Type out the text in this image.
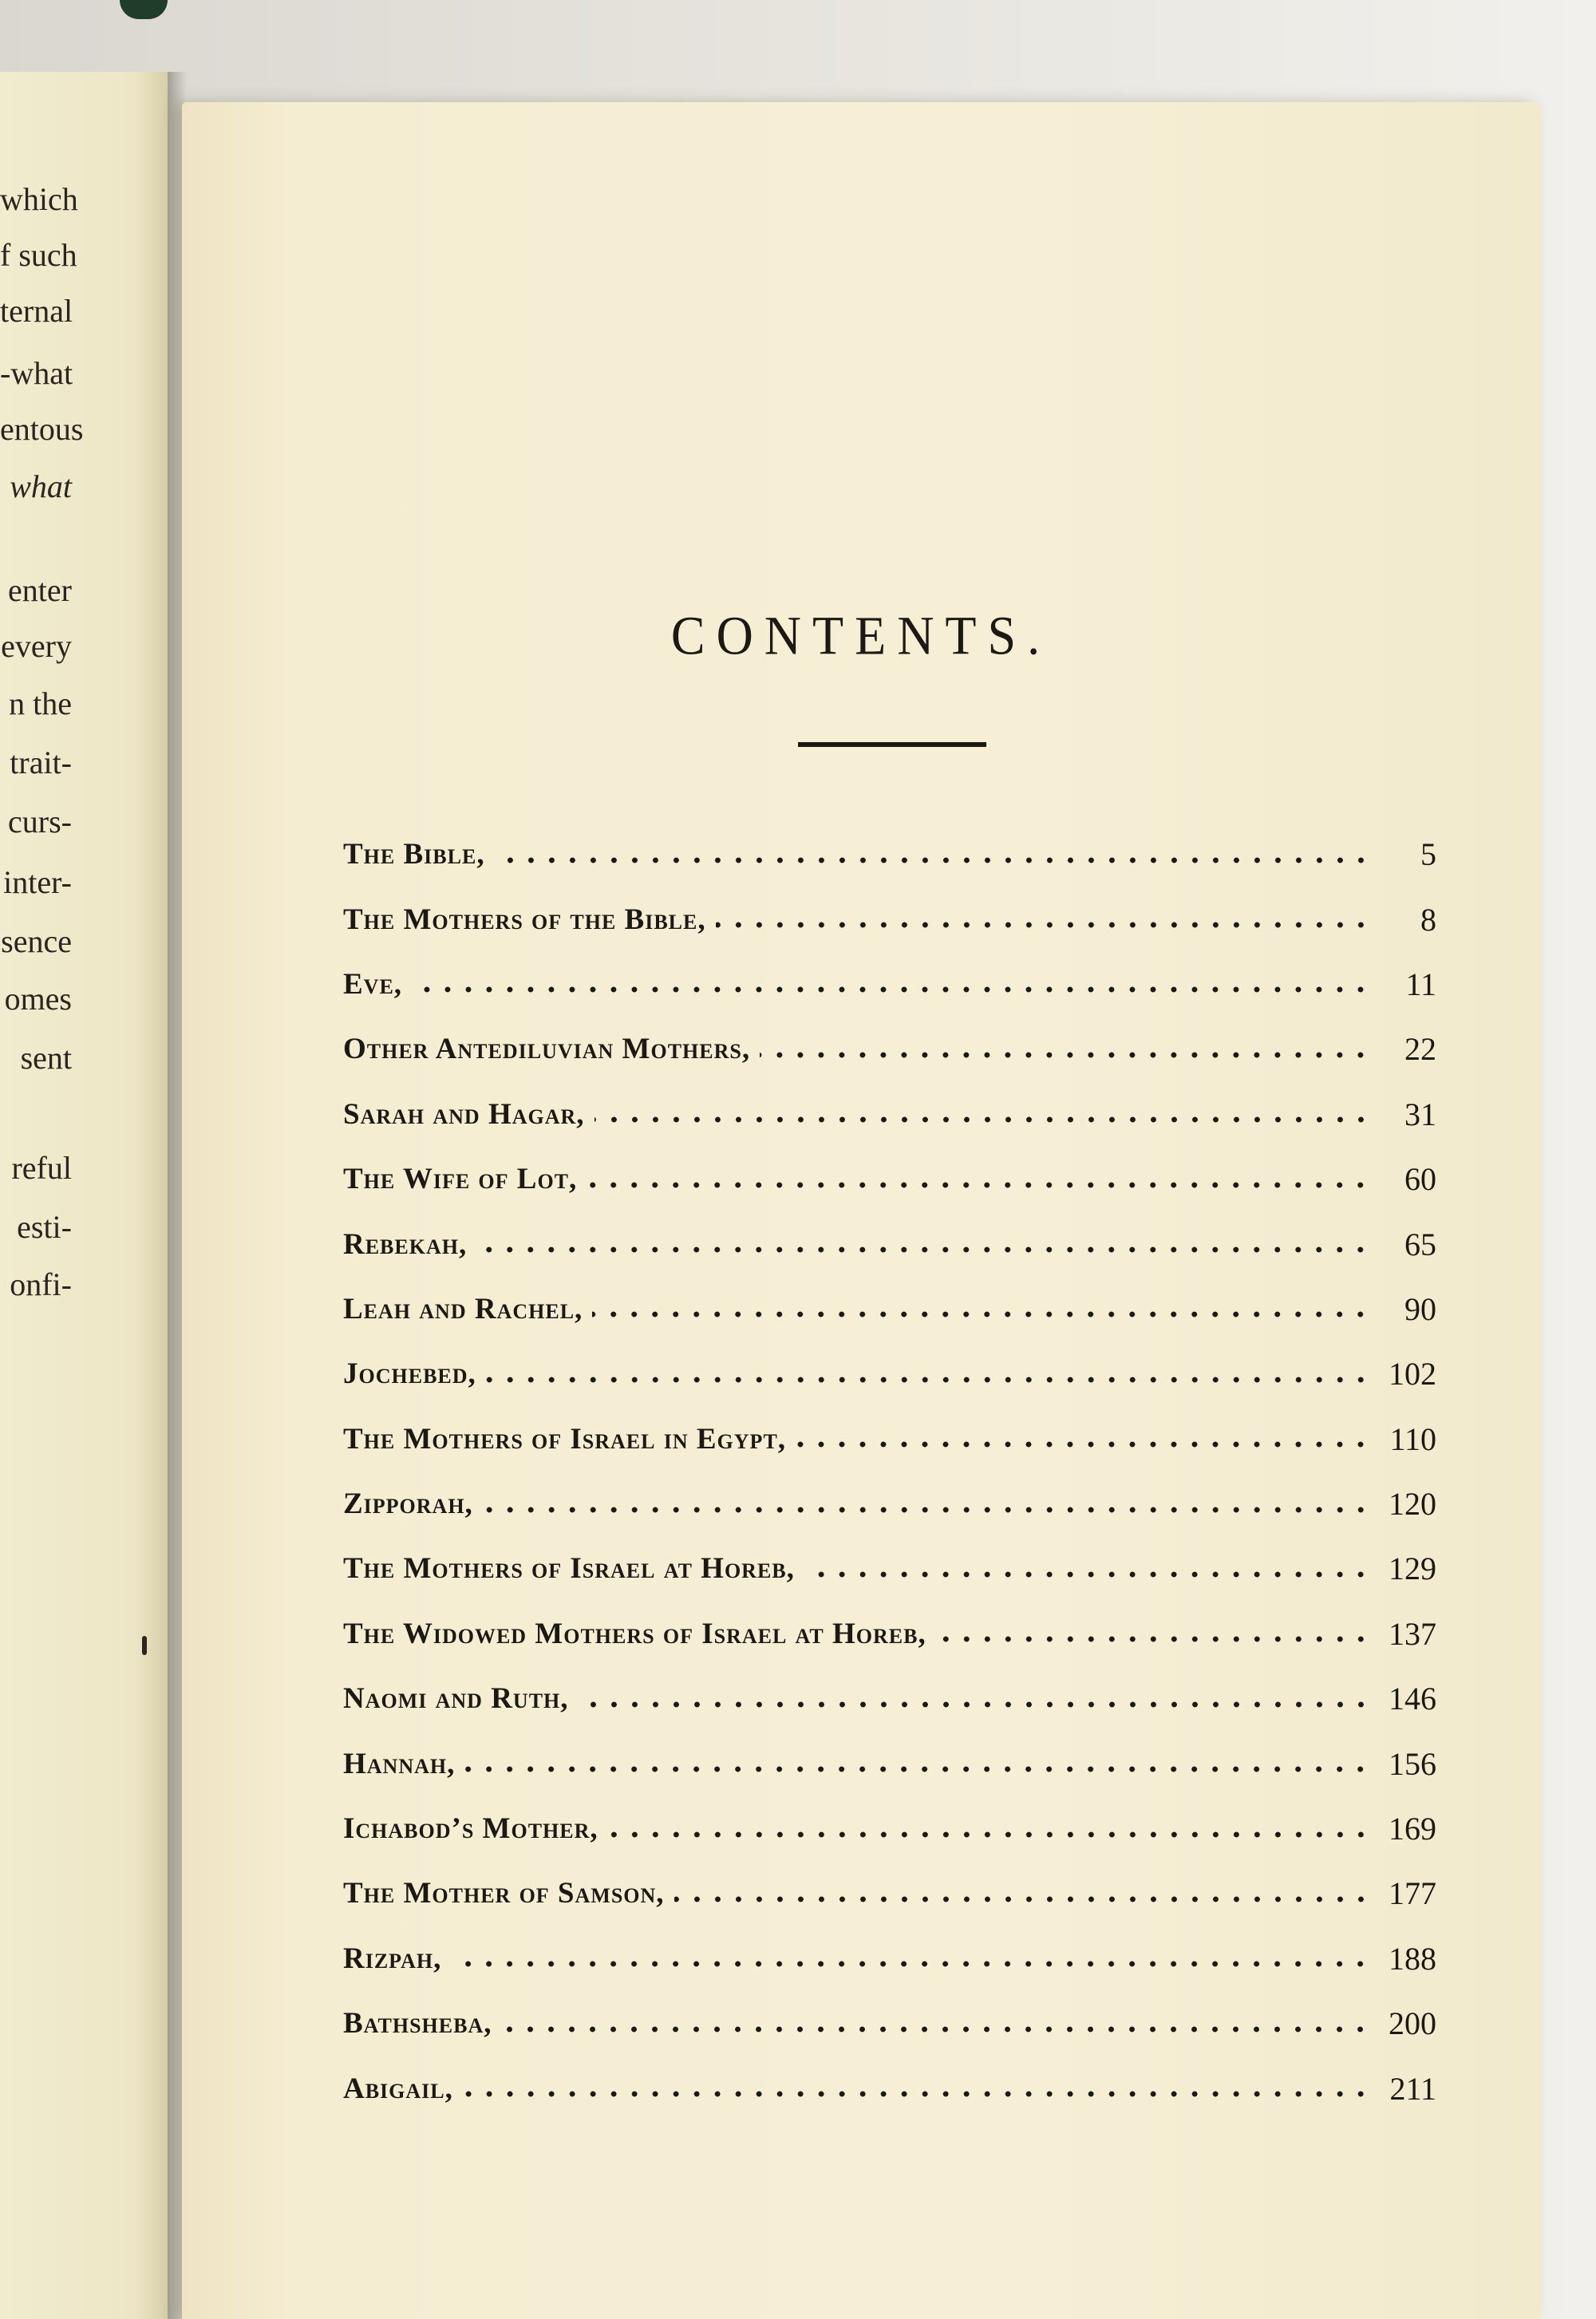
which
f such
ternal
-what
entous
what
enter
every
n the
trait-
curs-
inter-
sence
omes
sent
reful
esti-
onfi-
CONTENTS.
The Bible,	5
The Mothers of the Bible,	8
Eve,	11
Other Antediluvian Mothers,	22
Sarah and Hagar,	31
The Wife of Lot,	60
Rebekah,	65
Leah and Rachel,	90
Jochebed,	102
The Mothers of Israel in Egypt,	110
Zipporah,	120
The Mothers of Israel at Horeb,	129
The Widowed Mothers of Israel at Horeb,	137
Naomi and Ruth,	146
Hannah,	156
Ichabod’s Mother,	169
The Mother of Samson,	177
Rizpah,	188
Bathsheba,	200
Abigail,	211
